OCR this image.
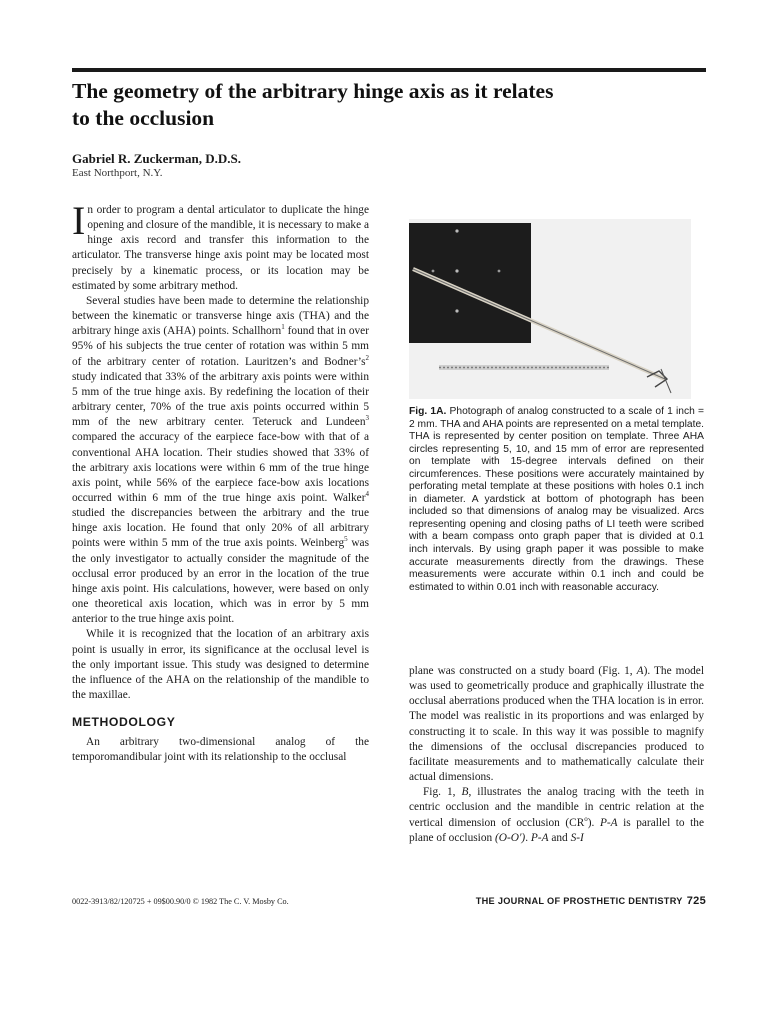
The geometry of the arbitrary hinge axis as it relates
to the occlusion
Gabriel R. Zuckerman, D.D.S.
East Northport, N.Y.

In order to program a dental articulator to duplicate the hinge opening and closure of the mandible, it is necessary to make a hinge axis record and transfer this information to the articulator. The transverse hinge axis point may be located most precisely by a kinematic process, or its location may be estimated by some arbitrary method.

Several studies have been made to determine the relationship between the kinematic or transverse hinge axis (THA) and the arbitrary hinge axis (AHA) points. Schallhorn$^1$ found that in over 95% of his subjects the true center of rotation was within 5 mm of the arbitrary center of rotation. Lauritzen’s and $Bodner’s^2$ study indicated that 33% of the arbitrary axis points were within 5 mm of the true hinge axis. By redefining the location of their arbitrary center, 70% of the true axis points occurred within 5 mm of the new arbitrary center. Teteruck and Lundeen$^3$ compared the accuracy of the earpiece face-bow with that of a conventional AHA location. Their studies showed that 33% of the arbitrary axis locations were within 6 mm of the true hinge axis point, while 56% of the earpiece face-bow axis locations occurred within 6 mm of the true hinge axis point. Walker$^4$ studied the discrepancies between the arbitrary and the true hinge axis location. He found that only 20% of all arbitrary points were within 5 mm of the true axis points. Weinberg$^5$ was the only investigator to actually consider the magnitude of the occlusal error produced by an error in the location of the true hinge axis point. His calculations, however, were based on only one theoretical axis location, which was in error by 5 mm anterior to the true hinge axis point.

While it is recognized that the location of an arbitrary axis point is usually in error, its significance at the occlusal level is the only important issue. This study was designed to determine the influence of the AHA on the relationship of the mandible to the maxillae.

METHODOLOGY

An arbitrary two-dimensional analog of the temporomandibular joint with its relationship to the occlusal

Fig. 1A. Photograph of analog constructed to a scale of 1 inch = 2 mm. THA and AHA points are represented on a metal template. THA is represented by center position on template. Three AHA circles representing 5, 10, and 15 mm of error are represented on template with 15-degree intervals defined on their circumferences. These positions were accurately maintained by perforating metal template at these positions with holes 0.1 inch in diameter. A yardstick at bottom of photograph has been included so that dimensions of analog may be visualized. Arcs representing opening and closing paths of LI teeth were scribed with a beam compass onto graph paper that is divided at 0.1 inch intervals. By using graph paper it was possible to make accurate measurements directly from the drawings. These measurements were accurate within 0.1 inch and could be estimated to within 0.01 inch with reasonable accuracy.

plane was constructed on a study board (Fig. 1, A). The model was used to geometrically produce and graphically illustrate the occlusal aberrations produced when the THA location is in error. The model was realistic in its proportions and was enlarged by constructing it to scale. In this way it was possible to magnify the dimensions of the occlusal discrepancies produced to facilitate measurements and to mathematically calculate their actual dimensions.

Fig. 1, B, illustrates the analog tracing with the teeth in centric occlusion and the mandible in centric relation at the vertical dimension of occlusion $(CR^o)$. P-A is parallel to the plane of occlusion (O-O′). P-A and S-I

0022-3913/82/120725 + 09$00.90/0 © 1982 The C. V. Mosby Co.	THE JOURNAL OF PROSTHETIC DENTISTRY 725
